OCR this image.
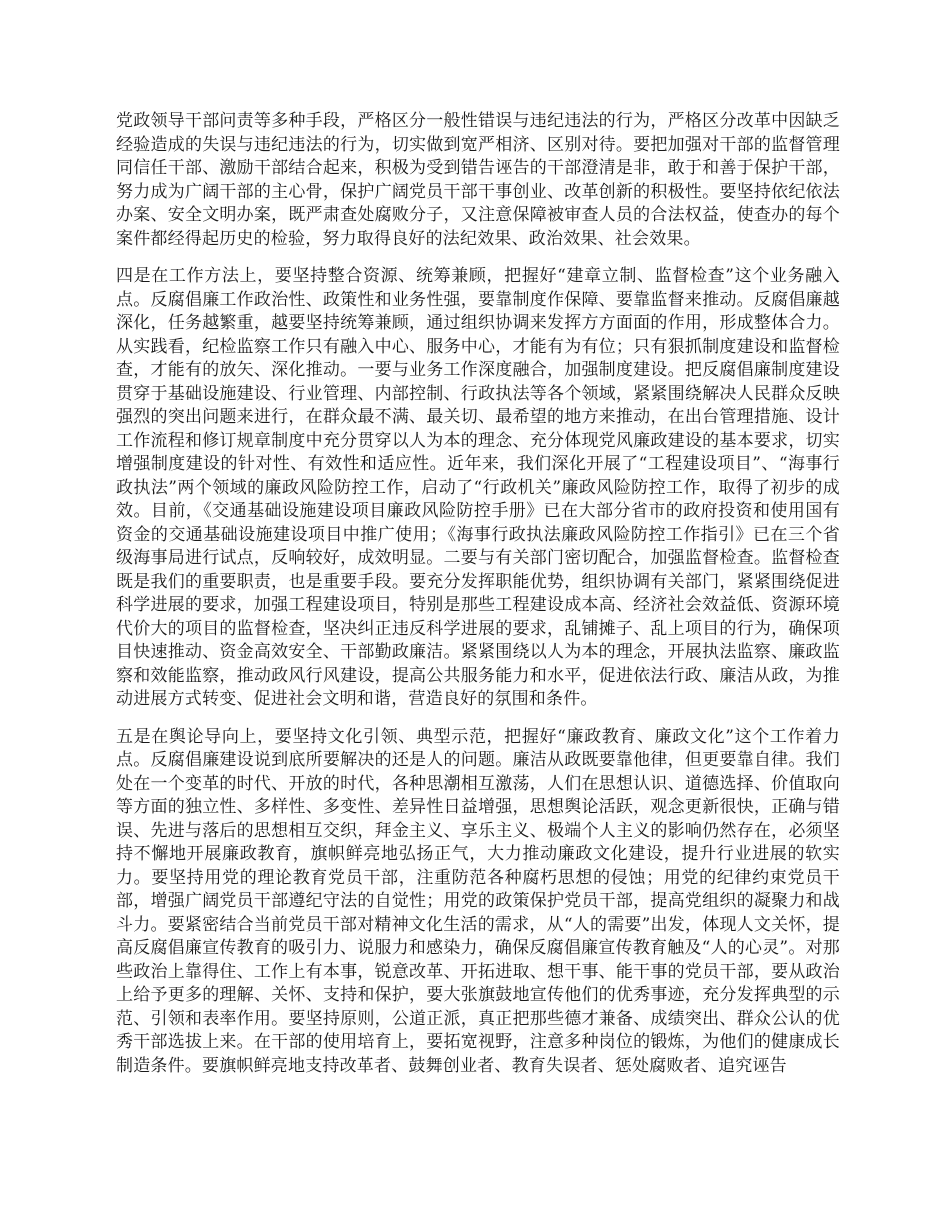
党政领导干部问责等多种手段，严格区分一般性错误与违纪违法的行为，严格区分改革中因缺乏经验造成的失误与违纪违法的行为，切实做到宽严相济、区别对待。要把加强对干部的监督管理同信任干部、激励干部结合起来，积极为受到错告诬告的干部澄清是非，敢于和善于保护干部，努力成为广阔干部的主心骨，保护广阔党员干部干事创业、改革创新的积极性。要坚持依纪依法办案、安全文明办案，既严肃查处腐败分子，又注意保障被审查人员的合法权益，使查办的每个案件都经得起历史的检验，努力取得良好的法纪效果、政治效果、社会效果。

四是在工作方法上，要坚持整合资源、统筹兼顾，把握好“建章立制、监督检查”这个业务融入点。反腐倡廉工作政治性、政策性和业务性强，要靠制度作保障、要靠监督来推动。反腐倡廉越深化，任务越繁重，越要坚持统筹兼顾，通过组织协调来发挥方方面面的作用，形成整体合力。从实践看，纪检监察工作只有融入中心、服务中心，才能有为有位；只有狠抓制度建设和监督检查，才能有的放矢、深化推动。一要与业务工作深度融合，加强制度建设。把反腐倡廉制度建设贯穿于基础设施建设、行业管理、内部控制、行政执法等各个领域，紧紧围绕解决人民群众反映强烈的突出问题来进行，在群众最不满、最关切、最希望的地方来推动，在出台管理措施、设计工作流程和修订规章制度中充分贯穿以人为本的理念、充分体现党风廉政建设的基本要求，切实增强制度建设的针对性、有效性和适应性。近年来，我们深化开展了“工程建设项目”、“海事行政执法”两个领域的廉政风险防控工作，启动了“行政机关”廉政风险防控工作，取得了初步的成效。目前，《交通基础设施建设项目廉政风险防控手册》已在大部分省市的政府投资和使用国有资金的交通基础设施建设项目中推广使用；《海事行政执法廉政风险防控工作指引》已在三个省级海事局进行试点，反响较好，成效明显。二要与有关部门密切配合，加强监督检查。监督检查既是我们的重要职责，也是重要手段。要充分发挥职能优势，组织协调有关部门，紧紧围绕促进科学进展的要求，加强工程建设项目，特别是那些工程建设成本高、经济社会效益低、资源环境代价大的项目的监督检查，坚决纠正违反科学进展的要求，乱铺摊子、乱上项目的行为，确保项目快速推动、资金高效安全、干部勤政廉洁。紧紧围绕以人为本的理念，开展执法监察、廉政监察和效能监察，推动政风行风建设，提高公共服务能力和水平，促进依法行政、廉洁从政，为推动进展方式转变、促进社会文明和谐，营造良好的氛围和条件。

五是在舆论导向上，要坚持文化引领、典型示范，把握好“廉政教育、廉政文化”这个工作着力点。反腐倡廉建设说到底所要解决的还是人的问题。廉洁从政既要靠他律，但更要靠自律。我们处在一个变革的时代、开放的时代，各种思潮相互激荡，人们在思想认识、道德选择、价值取向等方面的独立性、多样性、多变性、差异性日益增强，思想舆论活跃，观念更新很快，正确与错误、先进与落后的思想相互交织，拜金主义、享乐主义、极端个人主义的影响仍然存在，必须坚持不懈地开展廉政教育，旗帜鲜亮地弘扬正气，大力推动廉政文化建设，提升行业进展的软实力。要坚持用党的理论教育党员干部，注重防范各种腐朽思想的侵蚀；用党的纪律约束党员干部，增强广阔党员干部遵纪守法的自觉性；用党的政策保护党员干部，提高党组织的凝聚力和战斗力。要紧密结合当前党员干部对精神文化生活的需求，从“人的需要”出发，体现人文关怀，提高反腐倡廉宣传教育的吸引力、说服力和感染力，确保反腐倡廉宣传教育触及“人的心灵”。对那些政治上靠得住、工作上有本事，锐意改革、开拓进取、想干事、能干事的党员干部，要从政治上给予更多的理解、关怀、支持和保护，要大张旗鼓地宣传他们的优秀事迹，充分发挥典型的示范、引领和表率作用。要坚持原则，公道正派，真正把那些德才兼备、成绩突出、群众公认的优秀干部选拔上来。在干部的使用培育上，要拓宽视野，注意多种岗位的锻炼，为他们的健康成长制造条件。要旗帜鲜亮地支持改革者、鼓舞创业者、教育失误者、惩处腐败者、追究诬告
